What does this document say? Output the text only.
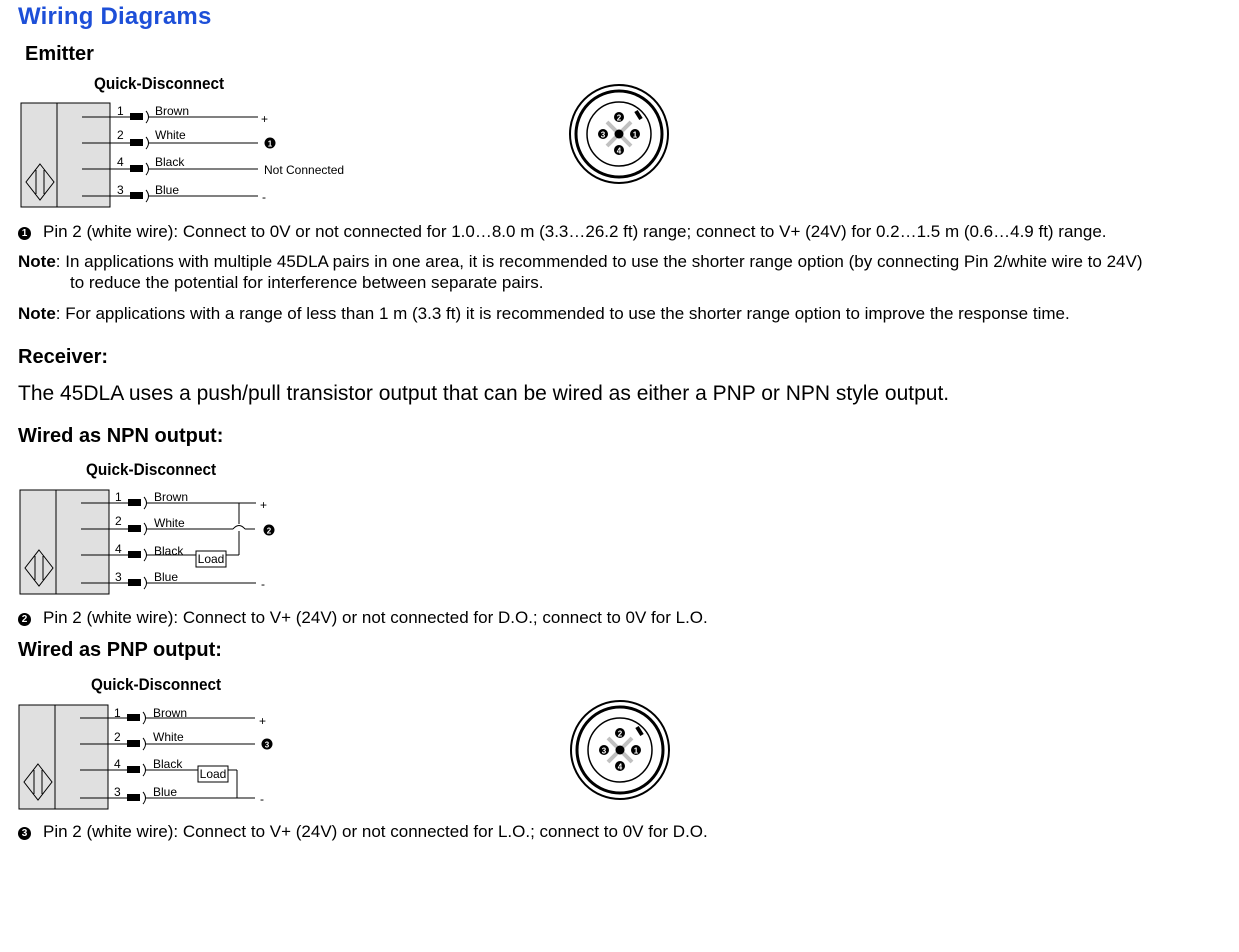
Wiring Diagrams
Emitter
Quick-Disconnect
1	Brown
+
2	White
1
4	Black
Not Connected
3	Blue	-
2
3	1
4
1 Pin 2 (white wire): Connect to 0V or not connected for 1.0…8.0 m (3.3…26.2 ft) range; connect to V+ (24V) for 0.2…1.5 m (0.6…4.9 ft) range.
Note: In applications with multiple 45DLA pairs in one area, it is recommended to use the shorter range option (by connecting Pin 2/white wire to 24V)
to reduce the potential for interference between separate pairs.
Note: For applications with a range of less than 1 m (3.3 ft) it is recommended to use the shorter range option to improve the response time.
Receiver:
The 45DLA uses a push/pull transistor output that can be wired as either a PNP or NPN style output.
Wired as NPN output:
Quick-Disconnect
1	Brown
+
2	White
2
Load
4	Black
3	Blue	-
2 Pin 2 (white wire): Connect to V+ (24V) or not connected for D.O.; connect to 0V for L.O.
Wired as PNP output:
Quick-Disconnect
1	Brown
+
2	White
3
Load
4	Black
3	Blue	-
2
3	1
4
3 Pin 2 (white wire): Connect to V+ (24V) or not connected for L.O.; connect to 0V for D.O.
